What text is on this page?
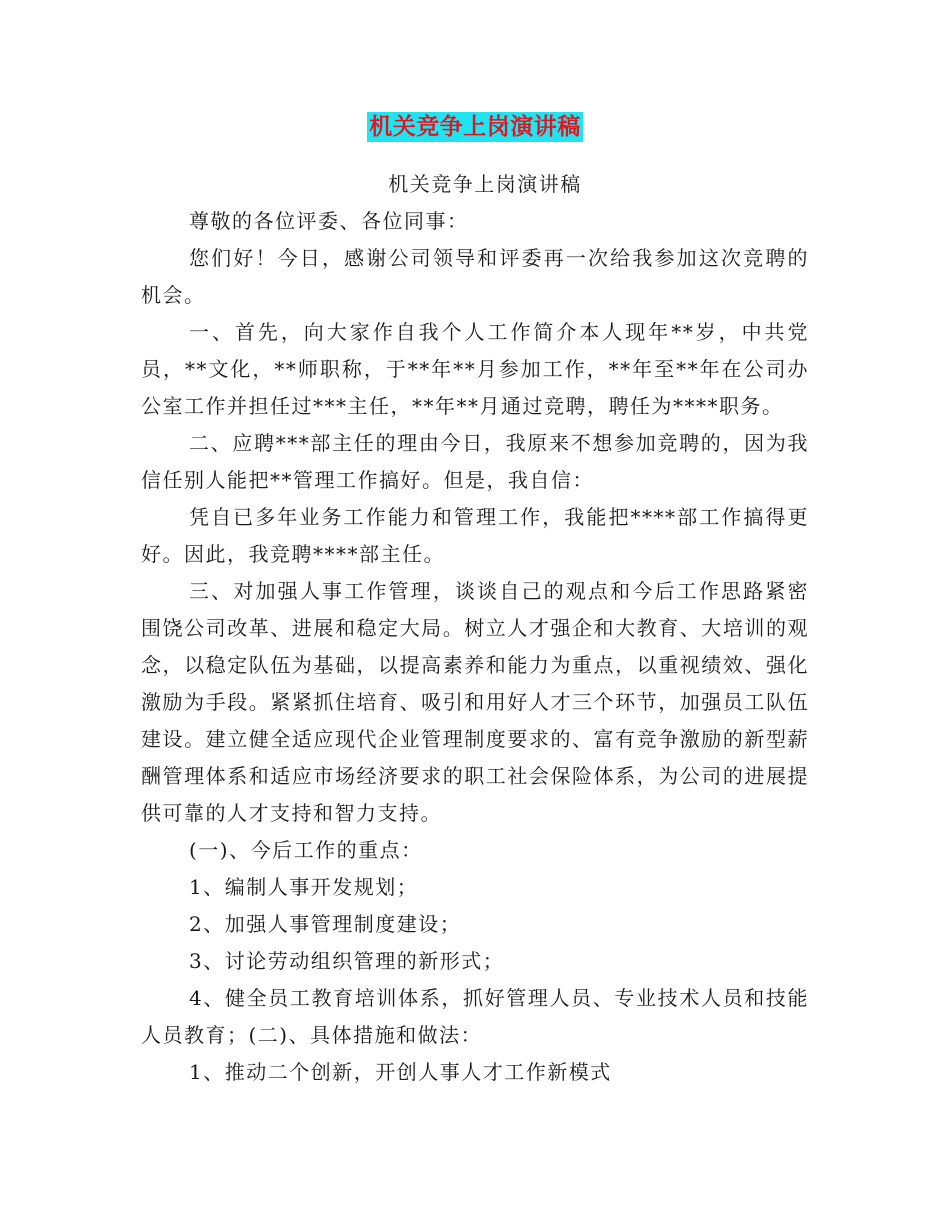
机关竞争上岗演讲稿

机关竞争上岗演讲稿

尊敬的各位评委、各位同事：

您们好！今日，感谢公司领导和评委再一次给我参加这次竞聘的机会。

一、首先，向大家作自我个人工作简介本人现年**岁，中共党员，**文化，**师职称，于**年**月参加工作，**年至**年在公司办公室工作并担任过***主任，**年**月通过竞聘，聘任为****职务。

二、应聘***部主任的理由今日，我原来不想参加竞聘的，因为我信任别人能把**管理工作搞好。但是，我自信：

凭自已多年业务工作能力和管理工作，我能把****部工作搞得更好。因此，我竞聘****部主任。

三、对加强人事工作管理，谈谈自己的观点和今后工作思路紧密围饶公司改革、进展和稳定大局。树立人才强企和大教育、大培训的观念，以稳定队伍为基础，以提高素养和能力为重点，以重视绩效、强化激励为手段。紧紧抓住培育、吸引和用好人才三个环节，加强员工队伍建设。建立健全适应现代企业管理制度要求的、富有竞争激励的新型薪酬管理体系和适应市场经济要求的职工社会保险体系，为公司的进展提供可靠的人才支持和智力支持。

(一)、今后工作的重点：

1、编制人事开发规划；

2、加强人事管理制度建设；

3、讨论劳动组织管理的新形式；

4、健全员工教育培训体系，抓好管理人员、专业技术人员和技能人员教育；(二)、具体措施和做法：

1、推动二个创新，开创人事人才工作新模式
